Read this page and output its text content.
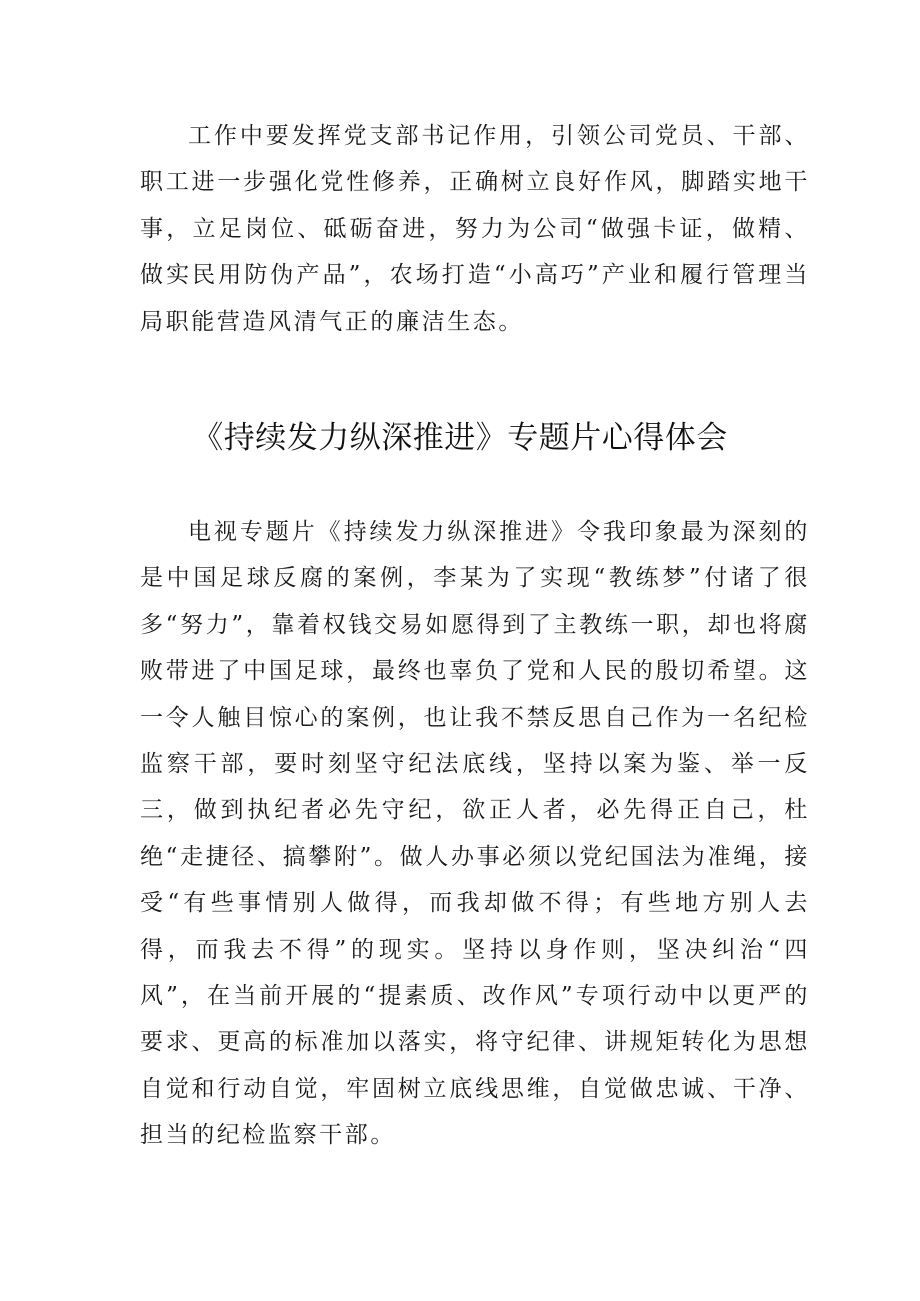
工作中要发挥党支部书记作用，引领公司党员、干部、职工进一步强化党性修养，正确树立良好作风，脚踏实地干事，立足岗位、砥砺奋进，努力为公司“做强卡证，做精、做实民用防伪产品”，农场打造“小高巧”产业和履行管理当局职能营造风清气正的廉洁生态。

《持续发力纵深推进》专题片心得体会

电视专题片《持续发力纵深推进》令我印象最为深刻的是中国足球反腐的案例，李某为了实现“教练梦”付诸了很多“努力”，靠着权钱交易如愿得到了主教练一职，却也将腐败带进了中国足球，最终也辜负了党和人民的殷切希望。这一令人触目惊心的案例，也让我不禁反思自己作为一名纪检监察干部，要时刻坚守纪法底线，坚持以案为鉴、举一反三，做到执纪者必先守纪，欲正人者，必先得正自己，杜绝“走捷径、搞攀附”。做人办事必须以党纪国法为准绳，接受“有些事情别人做得，而我却做不得；有些地方别人去得，而我去不得”的现实。坚持以身作则，坚决纠治“四风”，在当前开展的“提素质、改作风”专项行动中以更严的要求、更高的标准加以落实，将守纪律、讲规矩转化为思想自觉和行动自觉，牢固树立底线思维，自觉做忠诚、干净、担当的纪检监察干部。
